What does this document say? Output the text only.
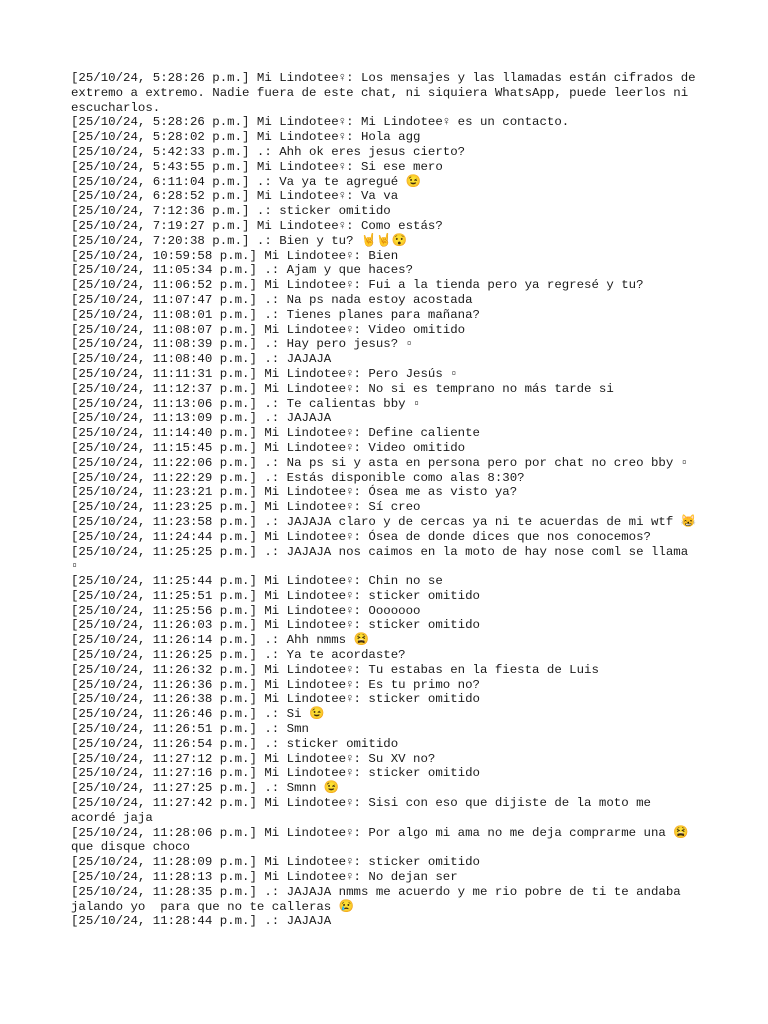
[25/10/24, 5:28:26 p.m.] Mi Lindotee♀: Los mensajes y las llamadas están cifrados de extremo a extremo. Nadie fuera de este chat, ni siquiera WhatsApp, puede leerlos ni escucharlos.

[25/10/24, 5:28:26 p.m.] Mi Lindotee♀: Mi Lindotee♀ es un contacto.

[25/10/24, 5:28:02 p.m.] Mi Lindotee♀: Hola agg

[25/10/24, 5:42:33 p.m.] .: Ahh ok eres jesus cierto?

[25/10/24, 5:43:55 p.m.] Mi Lindotee♀: Si ese mero

[25/10/24, 6:11:04 p.m.] .: Va ya te agregué 😉

[25/10/24, 6:28:52 p.m.] Mi Lindotee♀: Va va

[25/10/24, 7:12:36 p.m.] .: sticker omitido

[25/10/24, 7:19:27 p.m.] Mi Lindotee♀: Como estás?

[25/10/24, 7:20:38 p.m.] .: Bien y tu? 🤘🤘😯

[25/10/24, 10:59:58 p.m.] Mi Lindotee♀: Bien

[25/10/24, 11:05:34 p.m.] .: Ajam y que haces?

[25/10/24, 11:06:52 p.m.] Mi Lindotee♀: Fui a la tienda pero ya regresé y tu?

[25/10/24, 11:07:47 p.m.] .: Na ps nada estoy acostada

[25/10/24, 11:08:01 p.m.] .: Tienes planes para mañana?

[25/10/24, 11:08:07 p.m.] Mi Lindotee♀: Video omitido

[25/10/24, 11:08:39 p.m.] .: Hay pero jesus? ▫

[25/10/24, 11:08:40 p.m.] .: JAJAJA

[25/10/24, 11:11:31 p.m.] Mi Lindotee♀: Pero Jesús ▫

[25/10/24, 11:12:37 p.m.] Mi Lindotee♀: No si es temprano no más tarde si

[25/10/24, 11:13:06 p.m.] .: Te calientas bby ▫

[25/10/24, 11:13:09 p.m.] .: JAJAJA

[25/10/24, 11:14:40 p.m.] Mi Lindotee♀: Define caliente

[25/10/24, 11:15:45 p.m.] Mi Lindotee♀: Video omitido

[25/10/24, 11:22:06 p.m.] .: Na ps si y asta en persona pero por chat no creo bby ▫

[25/10/24, 11:22:29 p.m.] .: Estás disponible como alas 8:30?

[25/10/24, 11:23:21 p.m.] Mi Lindotee♀: Ósea me as visto ya?

[25/10/24, 11:23:25 p.m.] Mi Lindotee♀: Sí creo

[25/10/24, 11:23:58 p.m.] .: JAJAJA claro y de cercas ya ni te acuerdas de mi wtf 😸

[25/10/24, 11:24:44 p.m.] Mi Lindotee♀: Ósea de donde dices que nos conocemos?

[25/10/24, 11:25:25 p.m.] .: JAJAJA nos caimos en la moto de hay nose coml se llama ▫

[25/10/24, 11:25:44 p.m.] Mi Lindotee♀: Chin no se

[25/10/24, 11:25:51 p.m.] Mi Lindotee♀: sticker omitido

[25/10/24, 11:25:56 p.m.] Mi Lindotee♀: Ooooooo

[25/10/24, 11:26:03 p.m.] Mi Lindotee♀: sticker omitido

[25/10/24, 11:26:14 p.m.] .: Ahh nmms 😫

[25/10/24, 11:26:25 p.m.] .: Ya te acordaste?

[25/10/24, 11:26:32 p.m.] Mi Lindotee♀: Tu estabas en la fiesta de Luis

[25/10/24, 11:26:36 p.m.] Mi Lindotee♀: Es tu primo no?

[25/10/24, 11:26:38 p.m.] Mi Lindotee♀: sticker omitido

[25/10/24, 11:26:46 p.m.] .: Si 😉

[25/10/24, 11:26:51 p.m.] .: Smn

[25/10/24, 11:26:54 p.m.] .: sticker omitido

[25/10/24, 11:27:12 p.m.] Mi Lindotee♀: Su XV no?

[25/10/24, 11:27:16 p.m.] Mi Lindotee♀: sticker omitido

[25/10/24, 11:27:25 p.m.] .: Smnn 😉

[25/10/24, 11:27:42 p.m.] Mi Lindotee♀: Sisi con eso que dijiste de la moto me acordé jaja

[25/10/24, 11:28:06 p.m.] Mi Lindotee♀: Por algo mi ama no me deja comprarme una 😫 que disque choco

[25/10/24, 11:28:09 p.m.] Mi Lindotee♀: sticker omitido

[25/10/24, 11:28:13 p.m.] Mi Lindotee♀: No dejan ser

[25/10/24, 11:28:35 p.m.] .: JAJAJA nmms me acuerdo y me rio pobre de ti te andaba jalando yo  para que no te calleras 😢

[25/10/24, 11:28:44 p.m.] .: JAJAJA
